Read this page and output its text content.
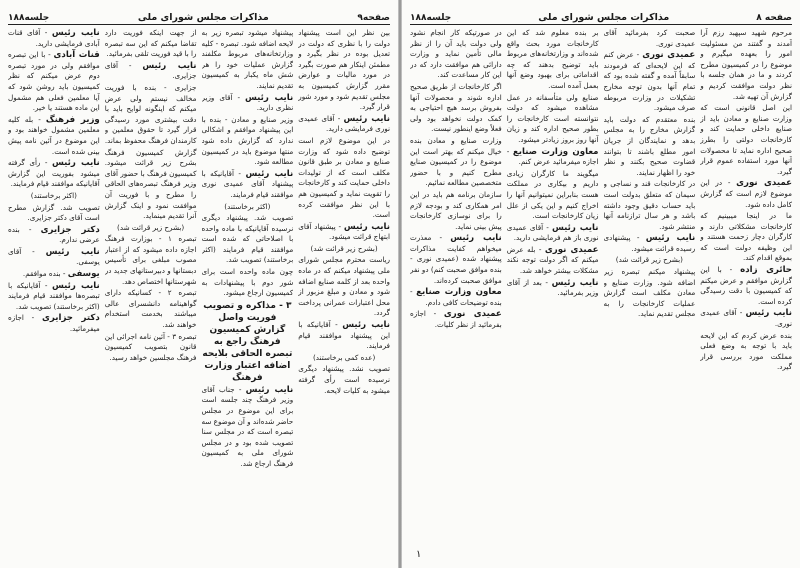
صفحه۹
مذاکرات مجلس شورای ملی
جلسه۱۸۸

بین نظر این است پیشنهاد دولت را با نظری که دولت در تعدیل بوده در نظر بگیرد و مطمئن اینکار هم صورت بگیرد در مورد مالیات و عوارض مقرر گزارش کمیسیون به مجلس تقدیم شود و مورد شور قرار گیرد.

نایب رئیس - آقای عمیدی نوری فرمایشی دارید.

در این موضوع لازم است توضیح داده شود که وزارت صنایع و معادن بر طبق قانون مکلف است که از تولیدات داخلی حمایت کند و کارخانجات را تقویت نماید و کمیسیون هم با این نظر موافقت کرده است.

نایب رئیس - پیشنهاد آقای ابتهاج قرائت میشود.

(بشرح زیر قرائت شد)

ریاست محترم مجلس شورای ملی پیشنهاد میکنم که در ماده واحده بعد از کلمه صنایع اضافه شود و معادن و مبلغ مزبور از محل اعتبارات عمرانی پرداخت گردد.

نایب رئیس - آقایانیکه با این پیشنهاد موافقند قیام فرمایند.

(عده کمی برخاستند)

تصویب نشد. پیشنهاد دیگری نرسیده است رأی گرفته میشود به کلیات لایحه.

پیشنهاد میشود تبصره زیر به لایحه اضافه شود. تبصره - کلیه وزارتخانه‌های مربوط مکلفند گزارش عملیات خود را هر شش ماه یکبار به کمیسیون تقدیم نمایند.

نایب رئیس - آقای وزیر نظری دارید.

وزیر صنایع و معادن - بنده با این پیشنهاد موافقم و اشکالی ندارد که گزارش داده شود منتها موضوع باید در کمیسیون مطالعه شود.

نایب رئیس - آقایانیکه با پیشنهاد آقای عمیدی نوری موافقند قیام فرمایند.

(اکثر برخاستند)

تصویب شد. پیشنهاد دیگری نرسیده آقایانیکه با ماده واحده با اصلاحاتی که شده است موافقند قیام فرمایند (اکثر برخاستند) تصویب شد.

چون ماده واحده است برای شور دوم با پیشنهادات به کمیسیون ارجاع میشود.

۳ - مذاکره و تصویب فوریت واصل گزارش کمیسیون فرهنگ راجع به تبصره الحاقی بلایحه اضافه اعتبار وزارت فرهنگ

نایب رئیس - جناب آقای وزیر فرهنگ چند جلسه است برای این موضوع در مجلس حاضر شده‌اند و آن موضوع سه تبصره است که در مجلس سنا تصویب شده بود و در مجلس شورای ملی به کمیسیون فرهنگ ارجاع شد.

از جهت اینکه فوریت دارد تقاضا میکنم که این سه تبصره را با قید فوریت تلقی بفرمائید.

نایب رئیس - آقای جزایری.

جزایری - بنده با فوریت مخالف نیستم ولی عرض میکنم که اینگونه لوایح باید با دقت بیشتری مورد رسیدگی قرار گیرد تا حقوق معلمین و کارمندان فرهنگ محفوظ بماند.

گزارش کمیسیون فرهنگ بشرح زیر قرائت میشود. کمیسیون فرهنگ با حضور آقای وزیر فرهنگ تبصره‌های الحاقی را مطرح و با فوریت آن موافقت نمود و اینک گزارش آنرا تقدیم مینماید.

(بشرح زیر قرائت شد)

تبصره ۱ - بوزارت فرهنگ اجازه داده میشود که از اعتبار مصوب مبلغی برای تأسیس دبستانها و دبیرستانهای جدید در شهرستانها اختصاص دهد.

تبصره ۲ - کسانیکه دارای گواهینامه دانشسرای عالی میباشند بخدمت استخدام خواهند شد.

تبصره ۳ - آئین نامه اجرائی این قانون بتصویب کمیسیون فرهنگ مجلسین خواهد رسید.

نایب رئیس - آقای قنات آبادی فرمایشی دارید.

قنات آبادی - با این تبصره موافقم ولی در مورد تبصره دوم عرض میکنم که نظر کمیسیون باید روشن شود که آیا معلمین فعلی هم مشمول این ماده هستند یا خیر.

وزیر فرهنگ - بله کلیه معلمین مشمول خواهند بود و این موضوع در آئین نامه پیش بینی شده است.

نایب رئیس - رأی گرفته میشود بفوریت این گزارش آقایانیکه موافقند قیام فرمایند.

(اکثر برخاستند)

تصویب شد. گزارش مطرح است آقای دکتر جزایری.

دکتر جزایری - بنده عرضی ندارم.

نایب رئیس - آقای یوسفی.

یوسفی - بنده موافقم.

نایب رئیس - آقایانیکه با تبصره‌ها موافقند قیام فرمایند (اکثر برخاستند) تصویب شد.

دکتر جزایری - اجازه میفرمائید.

صفحه ۸
مذاکرات مجلس شورای ملی
جلسه۱۸۸

مرحوم شهید سپهبد رزم آرا آمدند و گفتند من مسئولیت امور را بعهده میگیرم و موضوع را در کمیسیون مطرح کردند و ما در همان جلسه با نظر دولت موافقت کردیم و گزارش آن تهیه شد.

این اصل قانونی است که وزارت صنایع و معادن باید از صنایع داخلی حمایت کند و کارخانجات دولتی را بطرز صحیح اداره نماید تا محصولات آنها مورد استفاده عموم قرار گیرد.

عمیدی نوری - در این موضوع لازم است که گزارش کامل داده شود.

ما در اینجا میبینیم که کارخانجات مشکلاتی دارند و کارگران دچار زحمت هستند و این وظیفه دولت است که بموقع اقدام کند.

حائری زاده - با این گزارش موافقم و عرض میکنم که کمیسیون با دقت رسیدگی کرده است.

نایب رئیس - آقای عمیدی نوری.

بنده عرض کردم که این لایحه باید با توجه به وضع فعلی مملکت مورد بررسی قرار گیرد.

صحبت کرد بفرمائید آقای عمیدی نوری.

عمیدی نوری - عرض کنم که این لایحه‌ای که فرمودند سابقاً آمده و گفته شده بود که تمام آنها بدون توجه مخارج تشکیلات در وزارت مربوطه صرف میشود.

بنده معتقدم که دولت باید گزارش مخارج را به مجلس بدهد و نمایندگان از جریان امور مطلع باشند تا بتوانند قضاوت صحیح بکنند و نظر خود را اظهار نمایند.

در کارخانجات قند و نساجی و سیمان که متعلق بدولت است باید حساب دقیق وجود داشته باشد و هر سال ترازنامه آنها منتشر شود.

نایب رئیس - پیشنهادی رسیده قرائت میشود.

(بشرح زیر قرائت شد)

پیشنهاد میکنم تبصره زیر اضافه شود. وزارت صنایع و معادن مکلف است گزارش عملیات کارخانجات را به مجلس تقدیم نماید.

بر بنده معلوم شد که این کارخانجات مورد بحث واقع شده‌اند و وزارتخانه‌های مربوط باید توضیح بدهند که چه اقداماتی برای بهبود وضع آنها بعمل آمده است.

صنایع ولی متأسفانه در عمل مشاهده میشود که دولت نتوانسته است کارخانجات را بطور صحیح اداره کند و زیان آنها روز بروز زیادتر میشود.

معاون وزارت صنایع - اجازه میفرمائید عرض کنم.

میگویند ما کارگران زیادی داریم و بیکاری در مملکت هست بنابراین نمیتوانیم آنها را اخراج کنیم و این یکی از علل زیان کارخانجات است.

نایب رئیس - آقای عمیدی نوری باز هم فرمایشی دارید.

عمیدی نوری - بله عرض میکنم که اگر دولت توجه نکند مشکلات بیشتر خواهد شد.

نایب رئیس - بعد از آقای وزیر بفرمائید.

در صورتیکه کار انجام نشود ولی دولت باید آن را از نظر مالی تأمین نماید و وزارت دارائی هم موافقت دارد که در این کار مساعدت کند.

اگر کارخانجات از طریق صحیح اداره شوند و محصولات آنها بفروش برسد هیچ احتیاجی به کمک دولت نخواهد بود ولی فعلاً وضع اینطور نیست.

وزارت صنایع و معادن بنده خیال میکنم که بهتر است این موضوع را در کمیسیون صنایع مطرح کنیم و با حضور متخصصین مطالعه نمائیم.

سازمان برنامه هم باید در این امر همکاری کند و بودجه لازم را برای نوسازی کارخانجات پیش بینی نماید.

نایب رئیس - معذرت میخواهم کفایت مذاکرات پیشنهاد شده (عمیدی نوری - بنده موافق صحبت کنم) دو نفر موافق صحبت کرده‌اند.

معاون وزارت صنایع - بنده توضیحات کافی دادم.

عمیدی نوری - اجازه بفرمائید از نظر کلیات.

۱
